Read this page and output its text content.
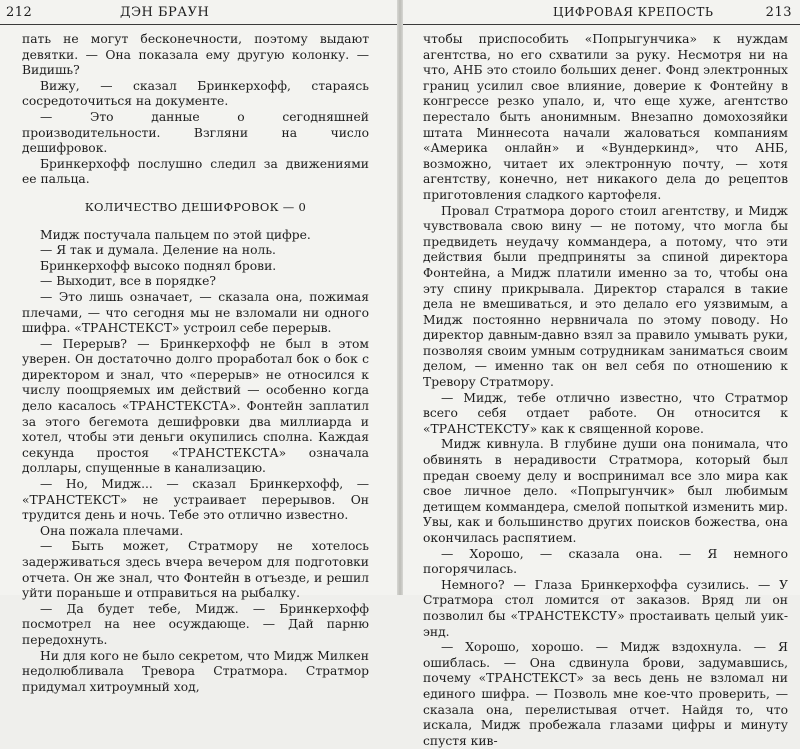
212	ДЭН БРАУН

пать не могут бесконечности, поэтому выдают девятки. — Она показала ему другую колонку. — Видишь?

Вижу, — сказал Бринкерхофф, стараясь сосредоточиться на документе.

— Это данные о сегодняшней производительности. Взгляни на число дешифровок.

Бринкерхофф послушно следил за движениями ее пальца.

КОЛИЧЕСТВО ДЕШИФРОВОК — 0

Мидж постучала пальцем по этой цифре.

— Я так и думала. Деление на ноль.

Бринкерхофф высоко поднял брови.

— Выходит, все в порядке?

— Это лишь означает, — сказала она, пожимая плечами, — что сегодня мы не взломали ни одного шифра. «ТРАНСТЕКСТ» устроил себе перерыв.

— Перерыв? — Бринкерхофф не был в этом уверен. Он достаточно долго проработал бок о бок с директором и знал, что «перерыв» не относился к числу поощряемых им действий — особенно когда дело касалось «ТРАНСТЕКСТА». Фонтейн заплатил за этого бегемота дешифровки два миллиарда и хотел, чтобы эти деньги окупились сполна. Каждая секунда простоя «ТРАНСТЕКСТА» означала доллары, спущенные в канализацию.

— Но, Мидж... — сказал Бринкерхофф, — «ТРАНСТЕКСТ» не устраивает перерывов. Он трудится день и ночь. Тебе это отлично известно.

Она пожала плечами.

— Быть может, Стратмору не хотелось задерживаться здесь вчера вечером для подготовки отчета. Он же знал, что Фонтейн в отъезде, и решил уйти пораньше и отправиться на рыбалку.

— Да будет тебе, Мидж. — Бринкерхофф посмотрел на нее осуждающе. — Дай парню передохнуть.

Ни для кого не было секретом, что Мидж Милкен недолюбливала Тревора Стратмора. Стратмор придумал хитроумный ход,

ЦИФРОВАЯ КРЕПОСТЬ	213

чтобы приспособить «Попрыгунчика» к нуждам агентства, но его схватили за руку. Несмотря ни на что, АНБ это стоило больших денег. Фонд электронных границ усилил свое влияние, доверие к Фонтейну в конгрессе резко упало, и, что еще хуже, агентство перестало быть анонимным. Внезапно домохозяйки штата Миннесота начали жаловаться компаниям «Америка онлайн» и «Вундеркинд», что АНБ, возможно, читает их электронную почту, — хотя агентству, конечно, нет никакого дела до рецептов приготовления сладкого картофеля.

Провал Стратмора дорого стоил агентству, и Мидж чувствовала свою вину — не потому, что могла бы предвидеть неудачу коммандера, а потому, что эти действия были предприняты за спиной директора Фонтейна, а Мидж платили именно за то, чтобы она эту спину прикрывала. Директор старался в такие дела не вмешиваться, и это делало его уязвимым, а Мидж постоянно нервничала по этому поводу. Но директор давным-давно взял за правило умывать руки, позволяя своим умным сотрудникам заниматься своим делом, — именно так он вел себя по отношению к Тревору Стратмору.

— Мидж, тебе отлично известно, что Стратмор всего себя отдает работе. Он относится к «ТРАНСТЕКСТУ» как к священной корове.

Мидж кивнула. В глубине души она понимала, что обвинять в нерадивости Стратмора, который был предан своему делу и воспринимал все зло мира как свое личное дело. «Попрыгунчик» был любимым детищем коммандера, смелой попыткой изменить мир. Увы, как и большинство других поисков божества, она окончилась распятием.

— Хорошо, — сказала она. — Я немного погорячилась.

Немного? — Глаза Бринкерхоффа сузились. — У Стратмора стол ломится от заказов. Вряд ли он позволил бы «ТРАНСТЕКСТУ» простаивать целый уик-энд.

— Хорошо, хорошо. — Мидж вздохнула. — Я ошиблась. — Она сдвинула брови, задумавшись, почему «ТРАНСТЕКСТ» за весь день не взломал ни единого шифра. — Позволь мне кое-что проверить, — сказала она, перелистывая отчет. Найдя то, что искала, Мидж пробежала глазами цифры и минуту спустя кив-
